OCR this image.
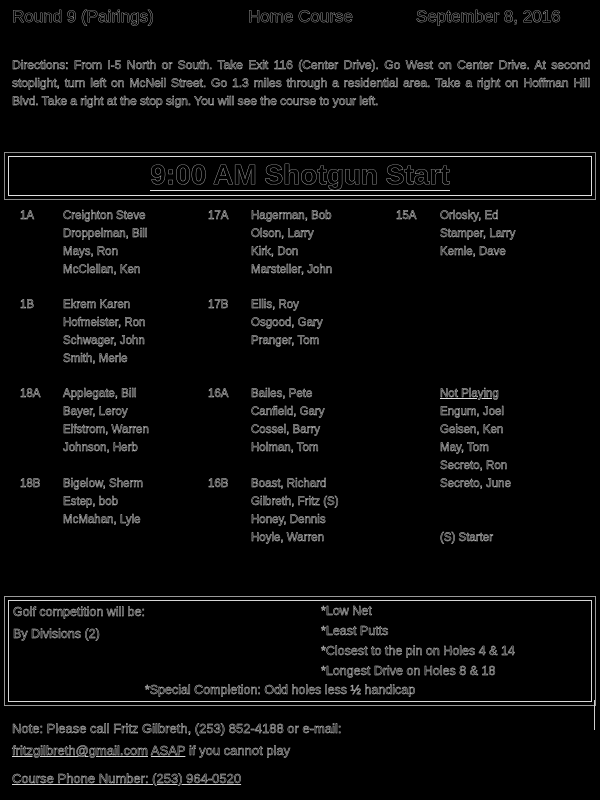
Round 9 (Pairings)	Home Course	September 8, 2016
Directions: From I-5 North or South. Take Exit 116 (Center Drive). Go West on Center Drive. At second stoplight, turn left on McNeil Street. Go 1.3 miles through a residential area. Take a right on Hoffman Hill Blvd. Take a right at the stop sign. You will see the course to your left.
9:00 AM Shotgun Start
1A	Creighton Steve
Droppelman, Bill
Mays, Ron
McClellan, Ken
1B	Ekrem Karen
Hofmeister, Ron
Schwager, John
Smith, Merle
18A Applegate, Bill
Bayer, Leroy
Elfstrom, Warren
Johnson, Herb
18B Bigelow, Sherm
Estep, bob
McMahan, Lyle
17A Hagerman, Bob
Olson, Larry
Kirk, Don
Marsteller, John
17B Ellis, Roy
Osgood, Gary
Pranger, Tom
16A Bailes, Pete
Canfield, Gary
Cossel, Barry
Holman, Tom
16B Boast, Richard
Gilbreth, Fritz (S)
Honey, Dennis
Hoyle, Warren
15A Orlosky, Ed
Stamper, Larry
Kemle, Dave
Not Playing
Engum, Joel
Geisen, Ken
May, Tom
Secreto, Ron
Secreto, June
(S) Starter
Golf competition will be:
By Divisions (2)
*Low Net
*Least Putts
*Closest to the pin on Holes 4 & 14
*Longest Drive on Holes 8 & 18
*Special Completion: Odd holes less ½ handicap
Note: Please call Fritz Gilbreth, (253) 852-4188 or e-mail:
fritzgilbreth@gmail.com ASAP if you cannot play
Course Phone Number: (253) 964-0520
